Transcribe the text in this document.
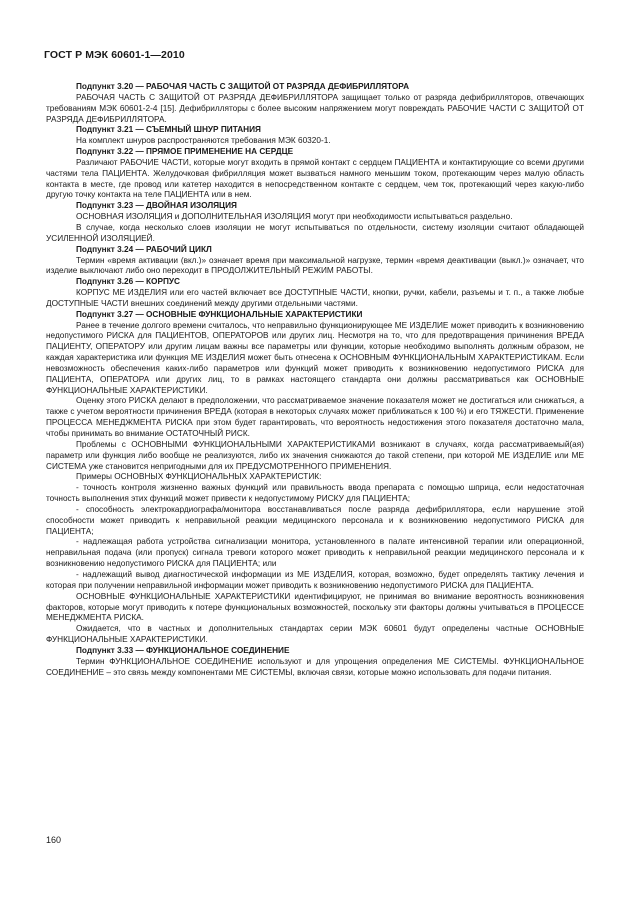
ГОСТ Р МЭК 60601-1—2010

Подпункт 3.20 — РАБОЧАЯ ЧАСТЬ С ЗАЩИТОЙ ОТ РАЗРЯДА ДЕФИБРИЛЛЯТОРА

РАБОЧАЯ ЧАСТЬ С ЗАЩИТОЙ ОТ РАЗРЯДА ДЕФИБРИЛЛЯТОРА защищает только от разряда дефибрилляторов, отвечающих требованиям МЭК 60601-2-4 [15]. Дефибрилляторы с более высоким напряжением могут повреждать РАБОЧИЕ ЧАСТИ С ЗАЩИТОЙ ОТ РАЗРЯДА ДЕФИБРИЛЛЯТОРА.

Подпункт 3.21 — СЪЕМНЫЙ ШНУР ПИТАНИЯ

На комплект шнуров распространяются требования МЭК 60320-1.

Подпункт 3.22 — ПРЯМОЕ ПРИМЕНЕНИЕ НА СЕРДЦЕ

Различают РАБОЧИЕ ЧАСТИ, которые могут входить в прямой контакт с сердцем ПАЦИЕНТА и контактирующие со всеми другими частями тела ПАЦИЕНТА. Желудочковая фибрилляция может вызваться намного меньшим током, протекающим через малую область контакта в месте, где провод или катетер находится в непосредственном контакте с сердцем, чем ток, протекающий через какую-либо другую точку контакта на теле ПАЦИЕНТА или в нем.

Подпункт 3.23 — ДВОЙНАЯ ИЗОЛЯЦИЯ

ОСНОВНАЯ ИЗОЛЯЦИЯ и ДОПОЛНИТЕЛЬНАЯ ИЗОЛЯЦИЯ могут при необходимости испытываться раздельно.

В случае, когда несколько слоев изоляции не могут испытываться по отдельности, систему изоляции считают обладающей УСИЛЕННОЙ ИЗОЛЯЦИЕЙ.

Подпункт 3.24 — РАБОЧИЙ ЦИКЛ

Термин «время активации (вкл.)» означает время при максимальной нагрузке, термин «время деактивации (выкл.)» означает, что изделие выключают либо оно переходит в ПРОДОЛЖИТЕЛЬНЫЙ РЕЖИМ РАБОТЫ.

Подпункт 3.26 — КОРПУС

КОРПУС МЕ ИЗДЕЛИЯ или его частей включает все ДОСТУПНЫЕ ЧАСТИ, кнопки, ручки, кабели, разъемы и т. п., а также любые ДОСТУПНЫЕ ЧАСТИ внешних соединений между другими отдельными частями.

Подпункт 3.27 — ОСНОВНЫЕ ФУНКЦИОНАЛЬНЫЕ ХАРАКТЕРИСТИКИ

Ранее в течение долгого времени считалось, что неправильно функционирующее МЕ ИЗДЕЛИЕ может приводить к возникновению недопустимого РИСКА для ПАЦИЕНТОВ, ОПЕРАТОРОВ или других лиц. Несмотря на то, что для предотвращения причинения ВРЕДА ПАЦИЕНТУ, ОПЕРАТОРУ или другим лицам важны все параметры или функции, которые необходимо выполнять должным образом, не каждая характеристика или функция МЕ ИЗДЕЛИЯ может быть отнесена к ОСНОВНЫМ ФУНКЦИОНАЛЬНЫМ ХАРАКТЕРИСТИКАМ. Если невозможность обеспечения каких-либо параметров или функций может приводить к возникновению недопустимого РИСКА для ПАЦИЕНТА, ОПЕРАТОРА или других лиц, то в рамках настоящего стандарта они должны рассматриваться как ОСНОВНЫЕ ФУНКЦИОНАЛЬНЫЕ ХАРАКТЕРИСТИКИ.

Оценку этого РИСКА делают в предположении, что рассматриваемое значение показателя может не достигаться или снижаться, а также с учетом вероятности причинения ВРЕДА (которая в некоторых случаях может приближаться к 100 %) и его ТЯЖЕСТИ. Применение ПРОЦЕССА МЕНЕДЖМЕНТА РИСКА при этом будет гарантировать, что вероятность недостижения этого показателя достаточно мала, чтобы принимать во внимание ОСТАТОЧНЫЙ РИСК.

Проблемы с ОСНОВНЫМИ ФУНКЦИОНАЛЬНЫМИ ХАРАКТЕРИСТИКАМИ возникают в случаях, когда рассматриваемый(ая) параметр или функция либо вообще не реализуются, либо их значения снижаются до такой степени, при которой МЕ ИЗДЕЛИЕ или МЕ СИСТЕМА уже становится непригодными для их ПРЕДУСМОТРЕННОГО ПРИМЕНЕНИЯ.

Примеры ОСНОВНЫХ ФУНКЦИОНАЛЬНЫХ ХАРАКТЕРИСТИК:

- точность контроля жизненно важных функций или правильность ввода препарата с помощью шприца, если недостаточная точность выполнения этих функций может привести к недопустимому РИСКУ для ПАЦИЕНТА;

- способность электрокардиографа/монитора восстанавливаться после разряда дефибриллятора, если нарушение этой способности может приводить к неправильной реакции медицинского персонала и к возникновению недопустимого РИСКА для ПАЦИЕНТА;

- надлежащая работа устройства сигнализации монитора, установленного в палате интенсивной терапии или операционной, неправильная подача (или пропуск) сигнала тревоги которого может приводить к неправильной реакции медицинского персонала и к возникновению недопустимого РИСКА для ПАЦИЕНТА; или

- надлежащий вывод диагностической информации из МЕ ИЗДЕЛИЯ, которая, возможно, будет определять тактику лечения и которая при получении неправильной информации может приводить к возникновению недопустимого РИСКА для ПАЦИЕНТА.

ОСНОВНЫЕ ФУНКЦИОНАЛЬНЫЕ ХАРАКТЕРИСТИКИ идентифицируют, не принимая во внимание вероятность возникновения факторов, которые могут приводить к потере функциональных возможностей, поскольку эти факторы должны учитываться в ПРОЦЕССЕ МЕНЕДЖМЕНТА РИСКА.

Ожидается, что в частных и дополнительных стандартах серии МЭК 60601 будут определены частные ОСНОВНЫЕ ФУНКЦИОНАЛЬНЫЕ ХАРАКТЕРИСТИКИ.

Подпункт 3.33 — ФУНКЦИОНАЛЬНОЕ СОЕДИНЕНИЕ

Термин ФУНКЦИОНАЛЬНОЕ СОЕДИНЕНИЕ используют и для упрощения определения МЕ СИСТЕМЫ. ФУНКЦИОНАЛЬНОЕ СОЕДИНЕНИЕ – это связь между компонентами МЕ СИСТЕМЫ, включая связи, которые можно использовать для подачи питания.

160
